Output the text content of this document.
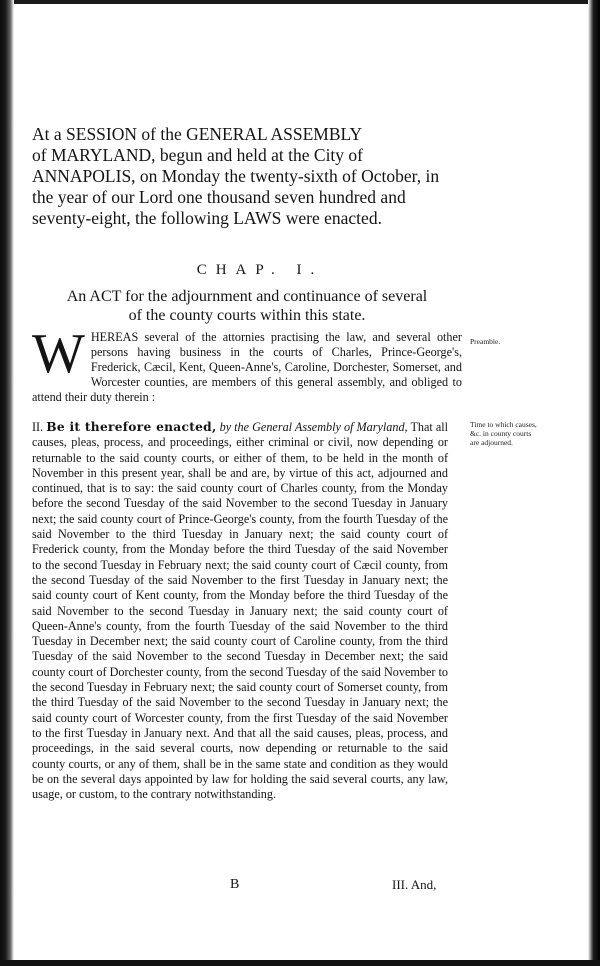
At a SESSION of the GENERAL ASSEMBLY

of MARYLAND, begun and held at the City of

ANNAPOLIS, on Monday the twenty-sixth of October, in

the year of our Lord one thousand seven hundred and

seventy-eight, the following LAWS were enacted.

CHAP. I.
An ACT for the adjournment and continuance of several
of the county courts within this state.
W HEREAS several of the attornies practising the law, and several other persons having business in the courts of Charles, Prince-George's, Frederick, Cæcil, Kent, Queen-Anne's, Caroline, Dorchester, Somerset, and Worcester counties, are members of this general assembly, and obliged to attend their duty therein :
Preamble.
II. Be it therefore enacted, by the General Assembly of Maryland, That all causes, pleas, process, and proceedings, either criminal or civil, now depending or returnable to the said county courts, or either of them, to be held in the month of November in this present year, shall be and are, by virtue of this act, adjourned and continued, that is to say: the said county court of Charles county, from the Monday before the second Tuesday of the said November to the second Tuesday in January next; the said county court of Prince-George's county, from the fourth Tuesday of the said November to the third Tuesday in January next; the said county court of Frederick county, from the Monday before the third Tuesday of the said November to the second Tuesday in February next; the said county court of Cæcil county, from the second Tuesday of the said November to the first Tuesday in January next; the said county court of Kent county, from the Monday before the third Tuesday of the said November to the second Tuesday in January next; the said county court of Queen-Anne's county, from the fourth Tuesday of the said November to the third Tuesday in December next; the said county court of Caroline county, from the third Tuesday of the said November to the second Tuesday in December next; the said county court of Dorchester county, from the second Tuesday of the said November to the second Tuesday in February next; the said county court of Somerset county, from the third Tuesday of the said November to the second Tuesday in January next; the said county court of Worcester county, from the first Tuesday of the said November to the first Tuesday in January next. And that all the said causes, pleas, process, and proceedings, in the said several courts, now depending or returnable to the said county courts, or any of them, shall be in the same state and condition as they would be on the several days appointed by law for holding the said several courts, any law, usage, or custom, to the contrary notwithstanding.
Time to which causes, &c. in county courts are adjourned.
B	III. And,
